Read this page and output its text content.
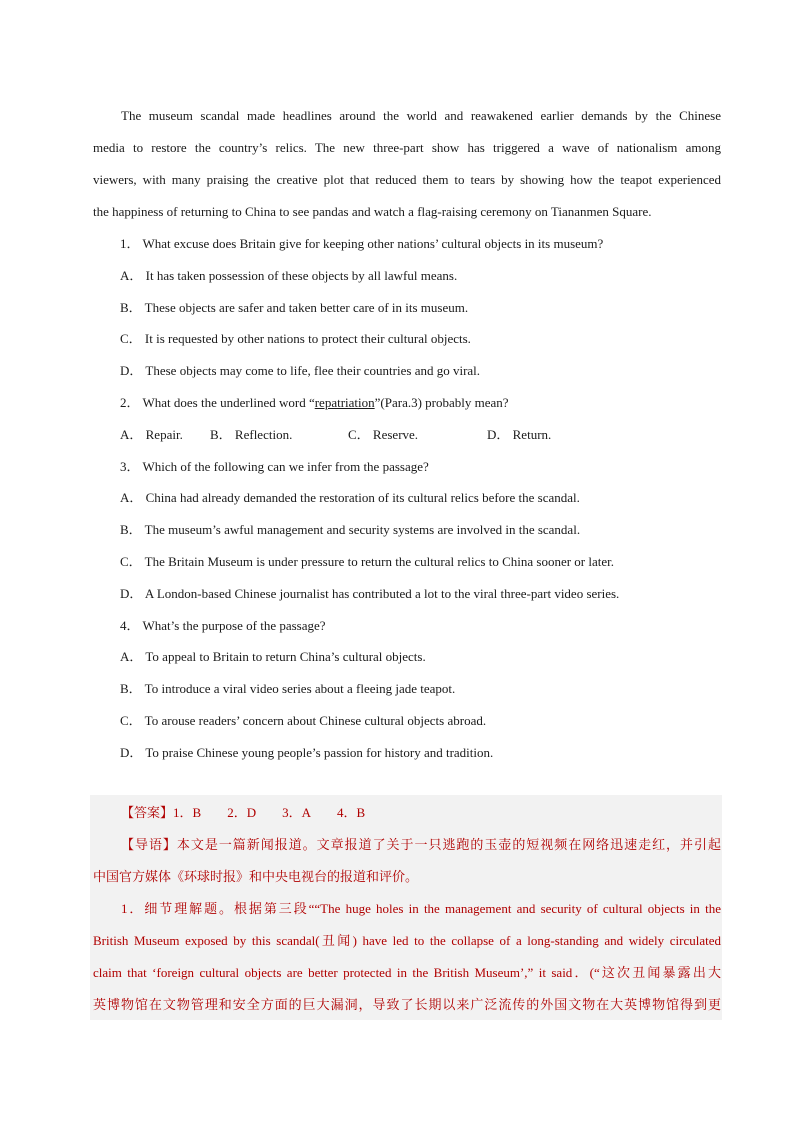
The museum scandal made headlines around the world and reawakened earlier demands by the Chinese
media to restore the country’s relics. The new three-part show has triggered a wave of nationalism among
viewers, with many praising the creative plot that reduced them to tears by showing how the teapot experienced
the happiness of returning to China to see pandas and watch a flag-raising ceremony on Tiananmen Square.
1． What excuse does Britain give for keeping other nations’ cultural objects in its museum?
A． It has taken possession of these objects by all lawful means.
B． These objects are safer and taken better care of in its museum.
C． It is requested by other nations to protect their cultural objects.
D． These objects may come to life, flee their countries and go viral.
2． What does the underlined word “repatriation”(Para.3) probably mean?
A． Repair. B． Reflection.	C． Reserve.	D． Return.
3． Which of the following can we infer from the passage?
A． China had already demanded the restoration of its cultural relics before the scandal.
B． The museum’s awful management and security systems are involved in the scandal.
C． The Britain Museum is under pressure to return the cultural relics to China sooner or later.
D． A London-based Chinese journalist has contributed a lot to the viral three-part video series.
4． What’s the purpose of the passage?
A． To appeal to Britain to return China’s cultural objects.
B． To introduce a viral video series about a fleeing jade teapot.
C． To arouse readers’ concern about Chinese cultural objects abroad.
D． To praise Chinese young people’s passion for history and tradition.
【答案】1．B 2．D 3．A 4．B
【导语】本文是一篇新闻报道。文章报道了关于一只逃跑的玉壶的短视频在网络迅速走红，并引起
中国官方媒体《环球时报》和中央电视台的报道和评价。
1．细节理解题。根据第三段““The huge holes in the management and security of cultural objects in the
British Museum exposed by this scandal(丑闻) have led to the collapse of a long-standing and widely circulated
claim that ‘foreign cultural objects are better protected in the British Museum’,” it said．(“这次丑闻暴露出大
英博物馆在文物管理和安全方面的巨大漏洞，导致了长期以来广泛流传的外国文物在大英博物馆得到更
